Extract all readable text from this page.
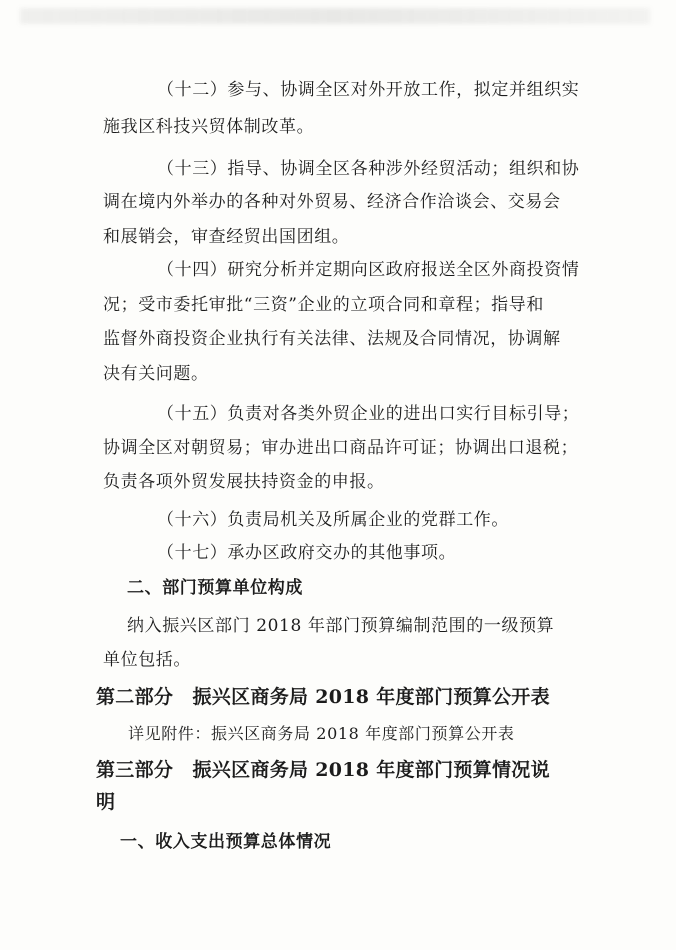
（十二）参与、协调全区对外开放工作，拟定并组织实
施我区科技兴贸体制改革。
（十三）指导、协调全区各种涉外经贸活动；组织和协
调在境内外举办的各种对外贸易、经济合作洽谈会、交易会
和展销会，审查经贸出国团组。
（十四）研究分析并定期向区政府报送全区外商投资情
况；受市委托审批“三资”企业的立项合同和章程；指导和
监督外商投资企业执行有关法律、法规及合同情况，协调解
决有关问题。
（十五）负责对各类外贸企业的进出口实行目标引导；
协调全区对朝贸易；审办进出口商品许可证；协调出口退税；
负责各项外贸发展扶持资金的申报。
（十六）负责局机关及所属企业的党群工作。
（十七）承办区政府交办的其他事项。
二、部门预算单位构成
纳入振兴区部门 2018 年部门预算编制范围的一级预算
单位包括。
第二部分　振兴区商务局 2018 年度部门预算公开表
详见附件：振兴区商务局 2018 年度部门预算公开表
第三部分　振兴区商务局 2018 年度部门预算情况说
明
一、收入支出预算总体情况
